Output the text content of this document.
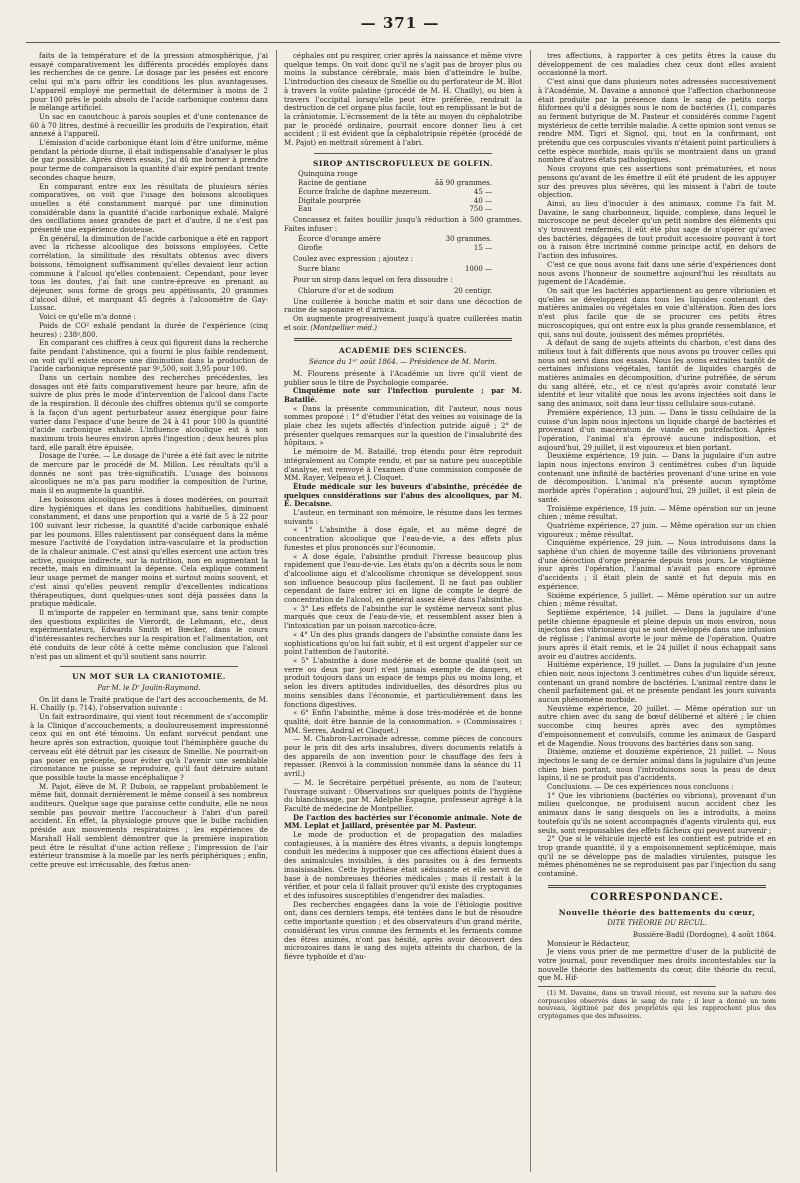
— 371 —

faits de la température et de la pression atmosphérique, j'ai essayé comparativement les différents procédés employés dans les recherches de ce genre. Le dosage par les pesées est encore celui qui m'a paru offrir les conditions les plus avantageuses. L'appareil employé me permettait de déterminer à moins de 2 pour 100 près le poids absolu de l'acide carbonique contenu dans le mélange artificiel.

Un sac en caoutchouc à parois souples et d'une contenance de 60 à 70 litres, destiné à recueillir les produits de l'expiration, était annexé à l'appareil.

L'émission d'acide carbonique étant loin d'être uniforme, même pendant la période diurne, il était indispensable d'analyser le plus de gaz possible. Après divers essais, j'ai dû me borner à prendre pour terme de comparaison la quantité d'air expiré pendant trente secondes chaque heure.

En comparant entre eux les résultats de plusieurs séries comparatives, on voit que l'usage des boissons alcooliques usuelles a été constamment marqué par une diminution considérable dans la quantité d'acide carbonique exhalé. Malgré des oscillations assez grandes de part et d'autre, il ne s'est pas présenté une expérience douteuse.

En général, la diminution de l'acide carbonique a été en rapport avec la richesse alcoolique des boissons employées. Cette corrélation, la similitude des résultats obtenus avec divers boissons, témoignent suffisamment qu'elles devaient leur action commune à l'alcool qu'elles contenaient. Cependant, pour lever tous les doutes, j'ai fait une contre-épreuve en prenant au déjeuner, sous forme de grogs peu appétissants, 20 grammes d'alcool dilué, et marquant 45 degrés à l'alcoomètre de Gay-Lussac.

Voici ce qu'elle m'a donné :

Poids de CO² exhalé pendant la durée de l'expérience (cinq heures) : 238ᵍ,800.

En comparant ces chiffres à ceux qui figurent dans la recherche faite pendant l'abstinence, qui a fourni le plus faible rendement, on voit qu'il existe encore une diminution dans la production de l'acide carbonique représenté par 9ᵍ,500, soit 3,95 pour 100.

Dans un certain nombre des recherches précédentes, les dosages ont été faits comparativement heure par heure, afin de suivre de plus près le mode d'intervention de l'alcool dans l'acte de la respiration. Il découle des chiffres obtenus qu'il se comporte à la façon d'un agent perturbateur assez énergique pour faire varier dans l'espace d'une heure de 24 à 41 pour 100 la quantité d'acide carbonique exhalé. L'influence alcoolique est à son maximum trois heures environ après l'ingestion ; deux heures plus tard, elle paraît être épuisée.

Dosage de l'urée. — Le dosage de l'urée a été fait avec le nitrite de mercure par le procédé de M. Millon. Les résultats qu'il a donnés ne sont pas très-significatifs. L'usage des boissons alcooliques ne m'a pas paru modifier la composition de l'urine, mais il en augmente la quantité.

Les boissons alcooliques prises à doses modérées, on pourrait dire hygiéniques et dans les conditions habituelles, diminuent constamment, et dans une proportion qui a varié de 5 à 22 pour 100 suivant leur richesse, la quantité d'acide carbonique exhalé par les poumons. Elles ralentissent par conséquent dans la même mesure l'activité de l'oxydation intra-vasculaire et la production de la chaleur animale. C'est ainsi qu'elles exercent une action très active, quoique indirecte, sur la nutrition, non en augmentant la recette, mais en diminuant la dépense. Cela explique comment leur usage permet de manger moins et surtout moins souvent, et c'est ainsi qu'elles peuvent remplir d'excellentes indications thérapeutiques, dont quelques-unes sont déjà passées dans la pratique médicale.

Il m'importe de rappeler en terminant que, sans tenir compte des questions explicites de Vierordt, de Lehmann, etc., deux expérimentateurs, Edwards Smith et Bœcker, dans le cours d'intéressantes recherches sur la respiration et l'alimentation, ont été conduits de leur côté à cette même conclusion que l'alcool n'est pas un aliment et qu'il soutient sans nourrir.

UN MOT SUR LA CRANIOTOMIE.
Par M. le Dʳ Joulin-Raymond.

On lit dans le Traité pratique de l'art des accouchements, de M. H. Chailly (p. 714), l'observation suivante :

Un fait extraordinaire, qui vient tout récemment de s'accomplir à la Clinique d'accouchements, a douloureusement impressionné ceux qui en ont été témoins. Un enfant survécut pendant une heure après son extraction, quoique tout l'hémisphère gauche du cerveau eût été détruit par les ciseaux de Smellie. Ne pourrait-on pas poser en précepte, pour éviter qu'à l'avenir une semblable circonstance ne puisse se reproduire, qu'il faut détruire autant que possible toute la masse encéphalique ?

M. Pajot, élève de M. P. Dubois, se rappelant probablement le même fait, donnait dernièrement le même conseil à ses nombreux auditeurs. Quelque sage que paraisse cette conduite, elle ne nous semble pas pouvoir mettre l'accoucheur à l'abri d'un pareil accident. En effet, la physiologie prouve que le bulbe rachidien préside aux mouvements respiratoires ; les expériences de Marshall Hall semblent démontrer que la première inspiration peut être le résultat d'une action réflexe ; l'impression de l'air extérieur transmise à la moelle par les nerfs périphériques ; enfin, cette preuve est irrécusable, des fœtus anen-

céphales ont pu respirer, crier après la naissance et même vivre quelque temps. On voit donc qu'il ne s'agit pas de broyer plus ou moins la substance cérébrale, mais bien d'atteindre le bulbe. L'introduction des ciseaux de Smellie ou du perforateur de M. Blot à travers la voûte palatine (procédé de M. H. Chailly), ou bien à travers l'occipital lorsqu'elle peut être préférée, rendrait la destruction de cet organe plus facile, tout en remplissant le but de la crâniotomie. L'écrasement de la tête au moyen du céphalotribe par le procédé ordinaire, pourrait encore donner lieu à cet accident ; il est évident que la céphalotripsie répétée (procédé de M. Pajot) en mettrait sûrement à l'abri.

SIROP ANTISCROFULEUX DE GOLFIN.
Quinquina rouge
Racine de gentiane	ãã 90 grammes.
Écorce fraîche de daphne mezereum.	45 —
Digitale pourprée	40 —
Eau	750 —

Concassez et faites bouillir jusqu'à réduction à 500 grammes. Faites infuser :

Écorce d'orange amère	30 grammes.
Girofle	15 —

Coulez avec expression ; ajoutez :

Sucre blanc	1000 —

Pour un sirop dans lequel on fera dissoudre :

Chlorure d'or et de sodium	20 centigr.

Une cuillerée à bouche matin et soir dans une décoction de racine de saponaire et d'arnica.

On augmente progressivement jusqu'à quatre cuillerées matin et soir. (Montpellier méd.)

ACADÉMIE DES SCIENCES.
Séance du 1ᵉʳ août 1864. — Présidence de M. Morin.

M. Flourens présente à l'Académie un livre qu'il vient de publier sous le titre de Psychologie comparée.

Cinquième note sur l'infection purulente ; par M. Bataillé.

« Dans la présente communication, dit l'auteur, nous nous sommes proposé : 1° d'étudier l'état des veines au voisinage de la plaie chez les sujets affectés d'infection putride aiguë ; 2° de présenter quelques remarques sur la question de l'insalubrité des hôpitaux. »

Le mémoire de M. Bataillé, trop étendu pour être reproduit intégralement au Compte rendu, et par sa nature peu susceptible d'analyse, est renvoyé à l'examen d'une commission composée de MM. Rayer, Velpeau et J. Cloquet.

Étude médicale sur les buveurs d'absinthe, précédée de quelques considérations sur l'abus des alcooliques, par M. E. Decaisne.

L'auteur, en terminant son mémoire, le résume dans les termes suivants :

« 1° L'absinthe à dose égale, et au même degré de concentration alcoolique que l'eau-de-vie, a des effets plus funestes et plus prononcés sur l'économie.

« A dose égale, l'absinthe produit l'ivresse beaucoup plus rapidement que l'eau-de-vie. Les états qu'on a décrits sous le nom d'alcoolisme aigu et d'alcoolisme chronique se développent sous son influence beaucoup plus facilement. Il ne faut pas oublier cependant de faire entrer ici en ligne de compte le degré de concentration de l'alcool, en général assez élevé dans l'absinthe.

« 3° Les effets de l'absinthe sur le système nerveux sont plus marqués que ceux de l'eau-de-vie, et ressemblent assez bien à l'intoxication par un poison narcotico-âcre.

« 4° Un des plus grands dangers de l'absinthe consiste dans les sophistications qu'on lui fait subir, et il est urgent d'appeler sur ce point l'attention de l'autorité.

« 5° L'absinthe à dose modérée et de bonne qualité (soit un verre ou deux par jour) n'est jamais exempte de dangers, et produit toujours dans un espace de temps plus ou moins long, et selon les divers aptitudes individuelles, des désordres plus ou moins sensibles dans l'économie, et particulièrement dans les fonctions digestives.

« 6° Enfin l'absinthe, même à dose très-modérée et de bonne qualité, doit être bannie de la consommation. » (Commissaires : MM. Serres, Andral et Cloquet.)

— M. Chabron-Lacroisade adresse, comme pièces de concours pour le prix dit des arts insalubres, divers documents relatifs à des appareils de son invention pour le chauffage des fers à repasser. (Renvoi à la commission nommée dans la séance du 11 avril.)

— M. le Secrétaire perpétuel présente, au nom de l'auteur, l'ouvrage suivant : Observations sur quelques points de l'hygiène du blanchissage, par M. Adelphe Espagne, professeur agrégé à la Faculté de médecine de Montpellier.

De l'action des bactéries sur l'économie animale. Note de MM. Leplat et Jaillard, présentée par M. Pasteur.

Le mode de production et de propagation des maladies contagieuses, à la manière des êtres vivants, a depuis longtemps conduit les médecins à supposer que ces affections étaient dues à des animalcules invisibles, à des parasites ou à des ferments insaisissables. Cette hypothèse était séduisante et elle servit de base à de nombreuses théories médicales ; mais il restait à la vérifier, et pour cela il fallait prouver qu'il existe des cryptogames et des infusoires susceptibles d'engendrer des maladies.

Des recherches engagées dans la voie de l'étiologie positive ont, dans ces derniers temps, été tentées dans le but de résoudre cette importante question ; et des observateurs d'un grand mérite, considérant les virus comme des ferments et les ferments comme des êtres animés, n'ont pas hésité, après avoir découvert des microzoaires dans le sang des sujets atteints du charbon, de la fièvre typhoïde et d'au-

tres affections, à rapporter à ces petits êtres la cause du développement de ces maladies chez ceux dont elles avaient occasionné la mort.

C'est ainsi que dans plusieurs notes adressées successivement à l'Académie, M. Davaine a annoncé que l'affection charbonneuse était produite par la présence dans le sang de petits corps filiformes qu'il a désignés sous le nom de bactéries (1), comparés au ferment butyrique de M. Pasteur et considérés comme l'agent mystérieux de cette terrible maladie. A cette opinion sont venus se rendre MM. Tigri et Signol, qui, tout en la confirmant, ont prétendu que ces corpuscules vivants n'étaient point particuliers à cette espèce morbide, mais qu'ils se montraient dans un grand nombre d'autres états pathologiques.

Nous croyons que ces assertions sont prématurées, et nous pensons qu'avant de les émettre il eût été prudent de les appuyer sur des preuves plus sévères, qui les missent à l'abri de toute objection.

Ainsi, au lieu d'inoculer à des animaux, comme l'a fait M. Davaine, le sang charbonneux, liquide, complexe, dans lequel le microscope ne peut déceler qu'un petit nombre des éléments qui s'y trouvent renfermés, il eût été plus sage de n'opérer qu'avec des bactéries, dégagées de tout produit accessoire pouvant à tort ou à raison être incriminé comme principe actif, en dehors de l'action des infusoires.

C'est ce que nous avons fait dans une série d'expériences dont nous avons l'honneur de soumettre aujourd'hui les résultats au jugement de l'Académie.

On sait que les bactéries appartiennent au genre vibrionien et qu'elles se développent dans tous les liquides contenant des matières animales ou végétales en voie d'altération. Rien des lors n'est plus facile que de se procurer ces petits êtres microscopiques, qui ont entre eux la plus grande ressemblance, et qui, sans nul doute, jouissent des mêmes propriétés.

A défaut de sang de sujets atteints du charbon, c'est dans des milieux tout à fait différents que nous avons pu trouver celles qui nous ont servi dans nos essais. Nous les avons extraites tantôt de certaines infusions végétales, tantôt de liquides chargés de matières animales en décomposition, d'urine putréfiée, de sérum du sang altéré, etc., et ce n'est qu'après avoir constaté leur identité et leur vitalité que nous les avons injectées soit dans le sang des animaux, soit dans leur tissu cellulaire sous-cutané.

Première expérience, 13 juin. — Dans le tissu cellulaire de la cuisse d'un lapin nous injectons un liquide chargé de bactéries et provenant d'un macératum de viande en putréfaction. Après l'opération, l'animal n'a éprouvé aucune indisposition, et aujourd'hui, 29 juillet, il est vigoureux et bien portant.

Deuxième expérience, 19 juin. — Dans la jugulaire d'un autre lapin nous injectons environ 3 centimètres cubes d'un liquide contenant une infinité de bactéries provenant d'une urine en voie de décomposition. L'animal n'a présenté aucun symptôme morbide après l'opération ; aujourd'hui, 29 juillet, il est plein de santé.

Troisième expérience, 19 juin. — Même opération sur un jeune chien ; même résultat.

Quatrième expérience, 27 juin. — Même opération sur un chien vigoureux ; même résultat.

Cinquième expérience, 29 juin. — Nous introduisons dans la saphène d'un chien de moyenne taille des vibrioniens provenant d'une décoction d'orge préparée depuis trois jours. Le vingtième jour après l'opération, l'animal n'avait pas encore éprouvé d'accidents ; il était plein de santé et fut depuis mis en expérience.

Sixième expérience, 5 juillet. — Même opération sur un autre chien ; même résultat.

Septième expérience, 14 juillet. — Dans la jugulaire d'une petite chienne épagneule et pleine depuis un mois environ, nous injectons des vibrioniens qui se sont développés dans une infusion de réglisse ; l'animal avorte le jour même de l'opération. Quatre jours après il était remis, et le 24 juillet il nous échappait sans avoir eu d'autres accidents.

Huitième expérience, 19 juillet. — Dans la jugulaire d'un jeune chien noir, nous injectons 3 centimètres cubes d'un liquide séreux, contenant un grand nombre de bactéries. L'animal rentre dans le chenil parfaitement gai, et ne présente pendant les jours suivants aucun phénomène morbide.

Neuvième expérience, 20 juillet. — Même opération sur un autre chien avec du sang de bœuf déliberné et altéré ; le chien succombe cinq heures après avec des symptômes d'empoisonnement et convulsifs, comme les animaux de Gaspard et de Magendie. Nous trouvons des bactéries dans son sang.

Dixième, onzième et douzième expérience, 21 juillet. — Nous injectons le sang de ce dernier animal dans la jugulaire d'un jeune chien bien portant, nous l'introduisons sous la peau de deux lapins, il ne se produit pas d'accidents.

Conclusions. — De ces expériences nous concluons :

1° Que les vibrioniens (bactéries ou vibrions), provenant d'un milieu quelconque, ne produisent aucun accident chez les animaux dans le sang desquels on les a introduits, à moins toutefois qu'ils ne soient accompagnés d'agents virulents qui, eux seuls, sont responsables des effets fâcheux qui peuvent survenir ;

2° Que si le véhicule injecté est les contient est putride et en trop grande quantité, il y a empoisonnement septicémique, mais qu'il ne se développe pas de maladies virulentes, puisque les mêmes phénomènes ne se reproduisent pas par l'injection du sang contaminé.

CORRESPONDANCE.
Nouvelle théorie des battements du cœur,
DITE THÉORIE DU RECUL.

Bussière-Badil (Dordogne), 4 août 1864.

Monsieur le Rédacteur,

Je viens vous prier de me permettre d'user de la publicité de votre journal, pour revendiquer mes droits incontestables sur la nouvelle théorie des battements du cœur, dite théorie du recul, que M. Hif-

(1) M. Davaine, dans un travail récent, est revenu sur la nature des corpuscules observés dans le sang de rate ; il leur a donné un nom nouveau, légitimé par des propriétés qui les rapprochent plus des cryptogames que des infusoires.
